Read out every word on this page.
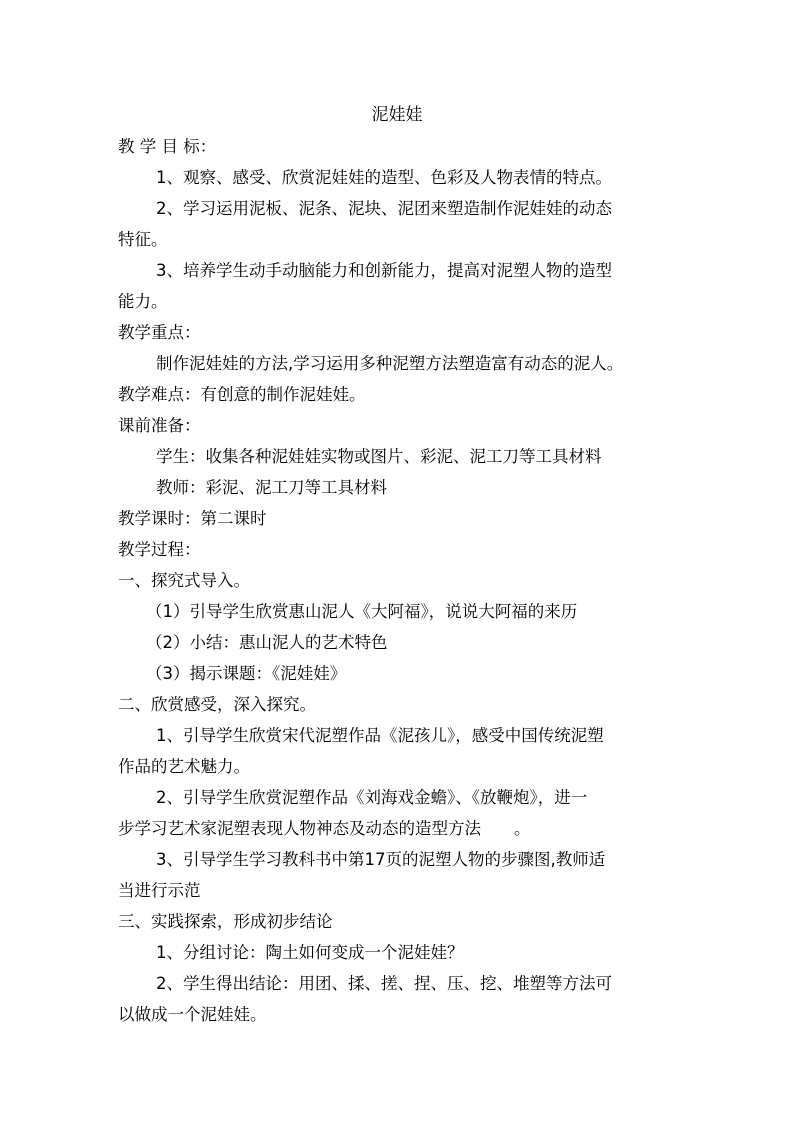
泥娃娃
教 学 目 标：
1、观察、感受、欣赏泥娃娃的造型、色彩及人物表情的特点。
2、学习运用泥板、泥条、泥块、泥团来塑造制作泥娃娃的动态
特征。
3、培养学生动手动脑能力和创新能力，提高对泥塑人物的造型
能力。
教学重点：
制作泥娃娃的方法,学习运用多种泥塑方法塑造富有动态的泥人。
教学难点：有创意的制作泥娃娃。
课前准备：
学生：收集各种泥娃娃实物或图片、彩泥、泥工刀等工具材料
教师：彩泥、泥工刀等工具材料
教学课时：第二课时
教学过程：
一、探究式导入。
（1）引导学生欣赏惠山泥人《大阿福》，说说大阿福的来历
（2）小结：惠山泥人的艺术特色
（3）揭示课题：《泥娃娃》
二、欣赏感受，深入探究。
1、引导学生欣赏宋代泥塑作品《泥孩儿》，感受中国传统泥塑
作品的艺术魅力。
2、引导学生欣赏泥塑作品《刘海戏金蟾》、《放鞭炮》，进一
步学习艺术家泥塑表现人物神态及动态的造型方法　　。
3、引导学生学习教科书中第17页的泥塑人物的步骤图,教师适
当进行示范
三、实践探索，形成初步结论
1、分组讨论：陶土如何变成一个泥娃娃？
2、学生得出结论：用团、揉、搓、捏、压、挖、堆塑等方法可
以做成一个泥娃娃。
